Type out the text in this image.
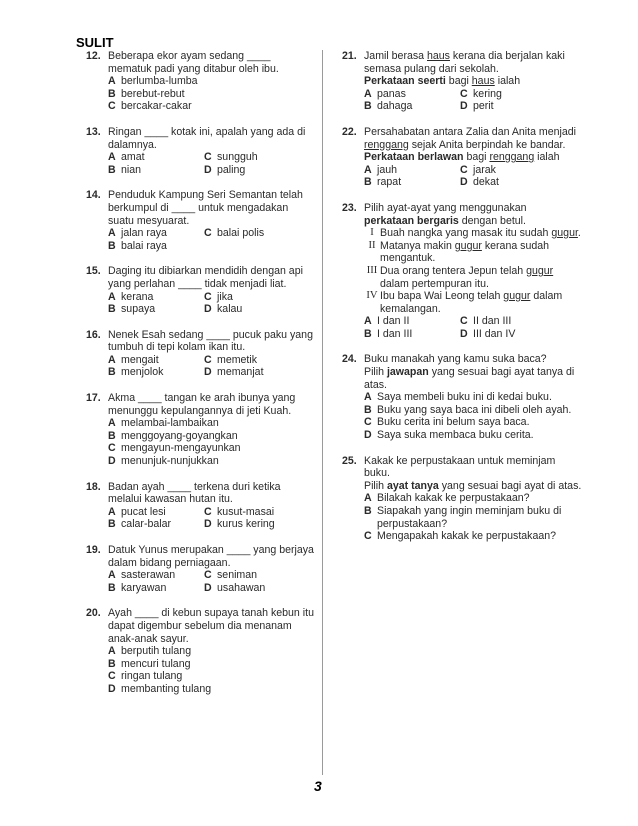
SULIT
12. Beberapa ekor ayam sedang ____ mematuk padi yang ditabur oleh ibu.
A berlumba-lumba
B berebut-rebut
C bercakar-cakar
13. Ringan ____ kotak ini, apalah yang ada di dalamnya.
A amat	C sungguh
B nian	D paling
14. Penduduk Kampung Seri Semantan telah berkumpul di ____ untuk mengadakan suatu mesyuarat.
A jalan raya	C balai polis
B balai raya
15. Daging itu dibiarkan mendidih dengan api yang perlahan ____ tidak menjadi liat.
A kerana	C jika
B supaya	D kalau
16. Nenek Esah sedang ____ pucuk paku yang tumbuh di tepi kolam ikan itu.
A mengait	C memetik
B menjolok	D memanjat
17. Akma ____ tangan ke arah ibunya yang menunggu kepulangannya di jeti Kuah.
A melambai-lambaikan
B menggoyang-goyangkan
C mengayun-mengayunkan
D menunjuk-nunjukkan
18. Badan ayah ____ terkena duri ketika melalui kawasan hutan itu.
A pucat lesi	C kusut-masai
B calar-balar	D kurus kering
19. Datuk Yunus merupakan ____ yang berjaya dalam bidang perniagaan.
A sasterawan	C seniman
B karyawan	D usahawan
20. Ayah ____ di kebun supaya tanah kebun itu dapat digembur sebelum dia menanam anak-anak sayur.
A berputih tulang
B mencuri tulang
C ringan tulang
D membanting tulang
21. Jamil berasa haus kerana dia berjalan kaki semasa pulang dari sekolah.
Perkataan seerti bagi haus ialah
A panas	C kering
B dahaga	D perit
22. Persahabatan antara Zalia dan Anita menjadi renggang sejak Anita berpindah ke bandar.
Perkataan berlawan bagi renggang ialah
A jauh	C jarak
B rapat	D dekat
23. Pilih ayat-ayat yang menggunakan
perkataan bergaris dengan betul.
I Buah nangka yang masak itu sudah gugur.
II Matanya makin gugur kerana sudah mengantuk.
III Dua orang tentera Jepun telah gugur dalam pertempuran itu.
IV Ibu bapa Wai Leong telah gugur dalam kemalangan.
A I dan II	C II dan III
B I dan III	D III dan IV
24. Buku manakah yang kamu suka baca?
Pilih jawapan yang sesuai bagi ayat tanya di atas.
A Saya membeli buku ini di kedai buku.
B Buku yang saya baca ini dibeli oleh ayah.
C Buku cerita ini belum saya baca.
D Saya suka membaca buku cerita.
25. Kakak ke perpustakaan untuk meminjam buku.
Pilih ayat tanya yang sesuai bagi ayat di atas.
A Bilakah kakak ke perpustakaan?
B Siapakah yang ingin meminjam buku di perpustakaan?
C Mengapakah kakak ke perpustakaan?
3
